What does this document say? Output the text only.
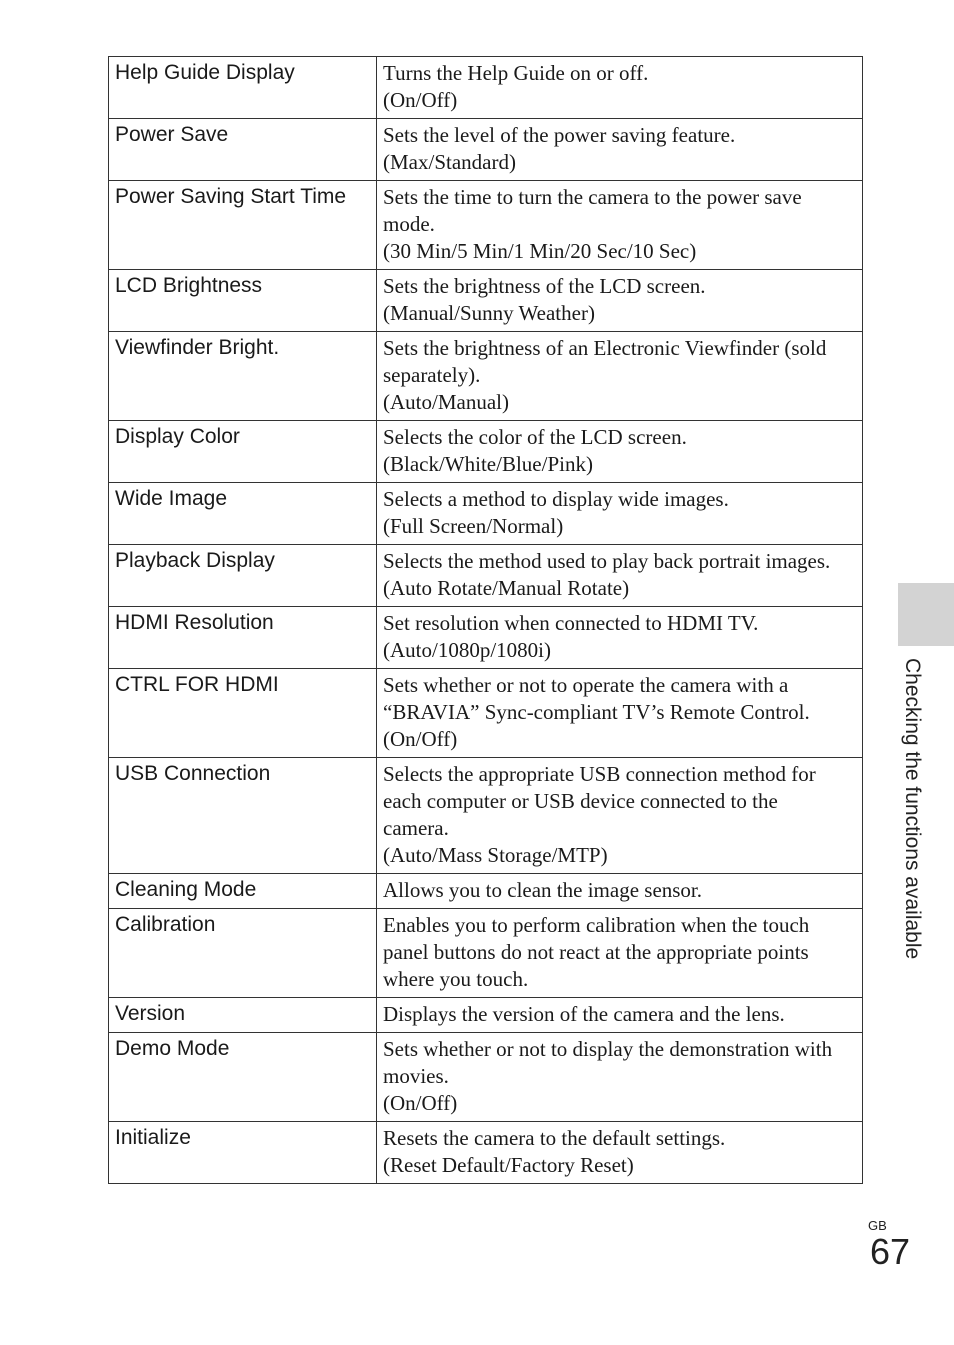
Help Guide Display	Turns the Help Guide on or off.
(On/Off)

Power Save	Sets the level of the power saving feature.
(Max/Standard)

Power Saving Start Time	Sets the time to turn the camera to the power save
mode.
(30 Min/5 Min/1 Min/20 Sec/10 Sec)

LCD Brightness	Sets the brightness of the LCD screen.
(Manual/Sunny Weather)

Viewfinder Bright.	Sets the brightness of an Electronic Viewfinder (sold
separately).
(Auto/Manual)

Display Color	Selects the color of the LCD screen.
(Black/White/Blue/Pink)

Wide Image	Selects a method to display wide images.
(Full Screen/Normal)

Playback Display	Selects the method used to play back portrait images.
(Auto Rotate/Manual Rotate)

HDMI Resolution	Set resolution when connected to HDMI TV.
(Auto/1080p/1080i)

CTRL FOR HDMI	Sets whether or not to operate the camera with a
“BRAVIA” Sync-compliant TV’s Remote Control.
(On/Off)

USB Connection	Selects the appropriate USB connection method for
each computer or USB device connected to the
camera.
(Auto/Mass Storage/MTP)

Cleaning Mode	Allows you to clean the image sensor.

Calibration	Enables you to perform calibration when the touch
panel buttons do not react at the appropriate points
where you touch.

Version	Displays the version of the camera and the lens.

Demo Mode	Sets whether or not to display the demonstration with
movies.
(On/Off)

Initialize	Resets the camera to the default settings.
(Reset Default/Factory Reset)
Checking the functions available
GB
67
